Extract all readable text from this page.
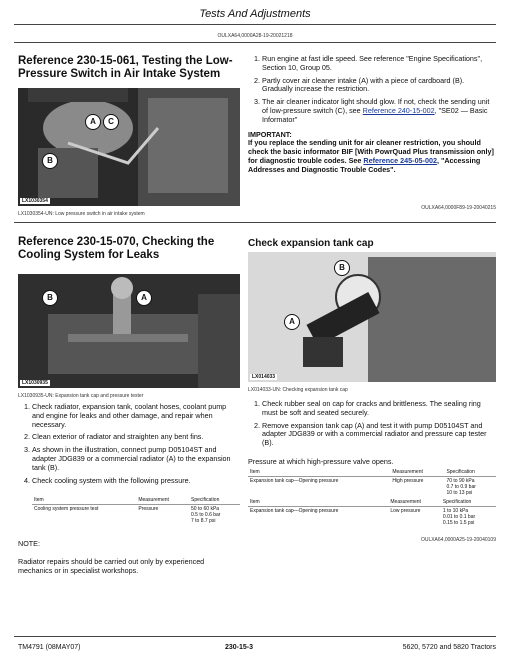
Tests And Adjustments
OULXA64,0000A28-19-20021218
Reference 230-15-061, Testing the Low-Pressure Switch in Air Intake System
A	C
B
LX1030354
LX1030354-UN: Low pressure switch in air intake system
1. Run engine at fast idle speed. See reference "Engine Specifications", Section 10, Group 05.
2. Partly cover air cleaner intake (A) with a piece of cardboard (B). Gradually increase the restriction.
3. The air cleaner indicator light should glow. If not, check the sending unit of low-pressure switch (C), see Reference 240-15-002, "SE02 — Basic Informator"
IMPORTANT:
If you replace the sending unit for air cleaner restriction, you should check the basic informator BIF [With PowrQuad Plus transmission only] for diagnostic trouble codes. See Reference 245-05-002, "Accessing Addresses and Diagnostic Trouble Codes".
OULXA64,0000F89-19-20040215
Reference 230-15-070, Checking the Cooling System for Leaks
B	A
LX1030935
LX1030935-UN: Expansion tank cap and pressure tester
1. Check radiator, expansion tank, coolant hoses, coolant pump and engine for leaks and other damage, and repair when necessary.
2. Clean exterior of radiator and straighten any bent fins.
3. As shown in the illustration, connect pump D05104ST and adapter JDG839 or a commercial radiator (A) to the expansion tank (B).
4. Check cooling system with the following pressure.
Item	Measurement	Specification
Cooling system pressure test	Pressure	50 to 60 kPa
0.5 to 0.6 bar
7 to 8.7 psi
NOTE:
Radiator repairs should be carried out only by experienced mechanics or in specialist workshops.
Check expansion tank cap
B
A
LX014033
LX014033-UN: Checking expansion tank cap
1. Check rubber seal on cap for cracks and brittleness. The sealing ring must be soft and seated securely.
2. Remove expansion tank cap (A) and test it with pump D05104ST and adapter JDG839 or with a commercial radiator and pressure cap tester (B).
Pressure at which high-pressure valve opens.
Item	Measurement	Specification
Expansion tank cap—Opening pressure	High pressure	70 to 90 kPa
0.7 to 0.9 bar
10 to 13 psi
Item	Measurement	Specification
Expansion tank cap—Opening pressure	Low pressure	1 to 10 kPa
0.01 to 0.1 bar
0.15 to 1.5 psi
OULXA64,0000A25-19-20040109
TM4791 (08MAY07)	230-15-3	5620, 5720 and 5820 Tractors
